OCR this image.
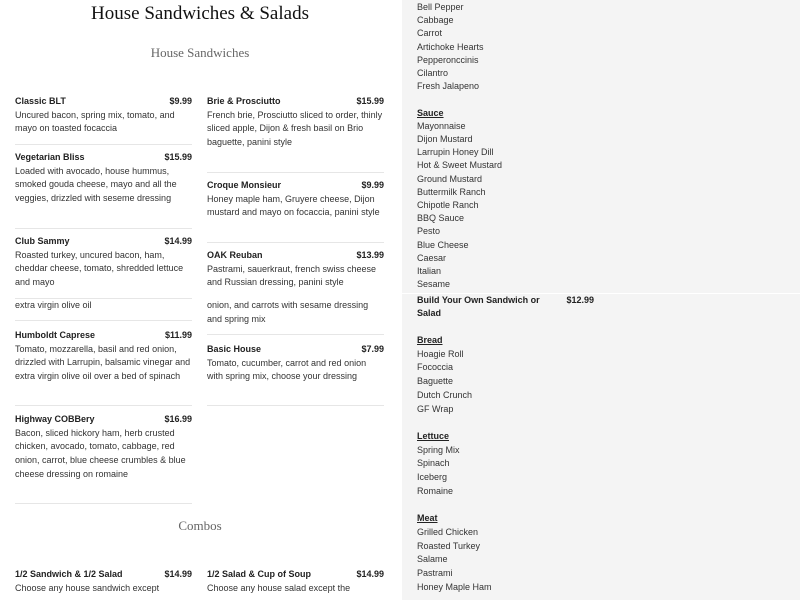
House Sandwiches & Salads
House Sandwiches
Classic BLT	$9.99
Uncured bacon, spring mix, tomato, and mayo on toasted focaccia
Vegetarian Bliss	$15.99
Loaded with avocado, house hummus, smoked gouda cheese, mayo and all the veggies, drizzled with seseme dressing
Club Sammy	$14.99
Roasted turkey, uncured bacon, ham, cheddar cheese, tomato, shredded lettuce and mayo
extra virgin olive oil
Humboldt Caprese	$11.99
Tomato, mozzarella, basil and red onion, drizzled with Larrupin, balsamic vinegar and extra virgin olive oil over a bed of spinach
Highway COBBery	$16.99
Bacon, sliced hickory ham, herb crusted chicken, avocado, tomato, cabbage, red onion, carrot, blue cheese crumbles & blue cheese dressing on romaine
Brie & Prosciutto	$15.99
French brie, Prosciutto sliced to order, thinly sliced apple, Dijon & fresh basil on Brio baguette, panini style
Croque Monsieur	$9.99
Honey maple ham, Gruyere cheese, Dijon mustard and mayo on focaccia, panini style
OAK Reuban	$13.99
Pastrami, sauerkraut, french swiss cheese and Russian dressing, panini style
onion, and carrots with sesame dressing and spring mix
Basic House	$7.99
Tomato, cucumber, carrot and red onion with spring mix, choose your dressing
Combos
1/2 Sandwich & 1/2 Salad	$14.99
Choose any house sandwich except
1/2 Salad & Cup of Soup	$14.99
Choose any house salad except the
Bell Pepper
Cabbage
Carrot
Artichoke Hearts
Pepperonccinis
Cilantro
Fresh Jalapeno
Sauce
Mayonnaise
Dijon Mustard
Larrupin Honey Dill
Hot & Sweet Mustard
Ground Mustard
Buttermilk Ranch
Chipotle Ranch
BBQ Sauce
Pesto
Blue Cheese
Caesar
Italian
Sesame
Build Your Own Sandwich or	$12.99
Salad
Bread
Hoagie Roll
Fococcia
Baguette
Dutch Crunch
GF Wrap
Lettuce
Spring Mix
Spinach
Iceberg
Romaine
Meat
Grilled Chicken
Roasted Turkey
Salame
Pastrami
Honey Maple Ham
